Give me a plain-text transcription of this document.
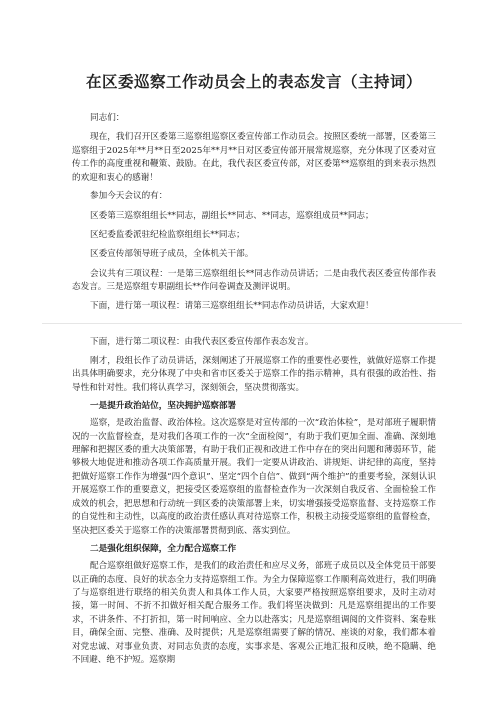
在区委巡察工作动员会上的表态发言（主持词）

同志们：

现在，我们召开区委第三巡察组巡察区委宣传部工作动员会。按照区委统一部署，区委第三巡察组于2025年**月**日至2025年**月**日对区委宣传部开展常规巡察，充分体现了区委对宣传工作的高度重视和鞭策、鼓励。在此，我代表区委宣传部，对区委第**巡察组的到来表示热烈的欢迎和衷心的感谢！

参加今天会议的有：

区委第三巡察组组长**同志，副组长**同志、**同志，巡察组成员**同志；

区纪委监委派驻纪检监察组组长**同志；

区委宣传部领导班子成员，全体机关干部。

会议共有三项议程：一是第三巡察组组长**同志作动员讲话；二是由我代表区委宣传部作表态发言。三是巡察组专职副组长**作问卷调查及测评说明。

下面，进行第一项议程：请第三巡察组组长**同志作动员讲话，大家欢迎！

下面，进行第二项议程：由我代表区委宣传部作表态发言。

刚才，段组长作了动员讲话，深刻阐述了开展巡察工作的重要性必要性，就做好巡察工作提出具体明确要求，充分体现了中央和省市区委关于巡察工作的指示精神，具有很强的政治性、指导性和针对性。我们将认真学习，深刻领会，坚决贯彻落实。

一是提升政治站位，坚决拥护巡察部署

巡察，是政治监督、政治体检。这次巡察是对宣传部的一次“政治体检”，是对部班子履职情况的一次监督检查，是对我们各项工作的一次“全面检阅”，有助于我们更加全面、准确、深刻地理解和把握区委的重大决策部署，有助于我们正视和改进工作中存在的突出问题和薄弱环节，能够极大地促进和推动各项工作高质量开展。我们一定要从讲政治、讲规矩、讲纪律的高度，坚持把做好巡察工作作为增强“四个意识”、坚定“四个自信”、做到“两个维护”的重要考验，深刻认识开展巡察工作的重要意义，把接受区委巡察组的监督检查作为一次深刻自我反省、全面检验工作成效的机会，把思想和行动统一到区委的决策部署上来，切实增强接受巡察监督、支持巡察工作的自觉性和主动性，以高度的政治责任感认真对待巡察工作，积极主动接受巡察组的监督检查，坚决把区委关于巡察工作的决策部署贯彻到底、落实到位。

二是强化组织保障，全力配合巡察工作

配合巡察组做好巡察工作，是我们的政治责任和应尽义务，部班子成员以及全体党员干部要以正确的态度、良好的状态全力支持巡察组工作。为全力保障巡察工作顺利高效进行，我们明确了与巡察组进行联络的相关负责人和具体工作人员，大家要严格按照巡察组要求，及时主动对接，第一时间、不折不扣做好相关配合服务工作。我们将坚决做到：凡是巡察组提出的工作要求，不讲条件、不打折扣，第一时间响应、全力以赴落实；凡是巡察组调阅的文件资料、案卷账目，确保全面、完整、准确、及时提供；凡是巡察组需要了解的情况、座谈的对象，我们都本着对党忠诚、对事业负责、对同志负责的态度，实事求是、客观公正地汇报和反映，绝不隐瞒、绝不回避、绝不护短。巡察期
